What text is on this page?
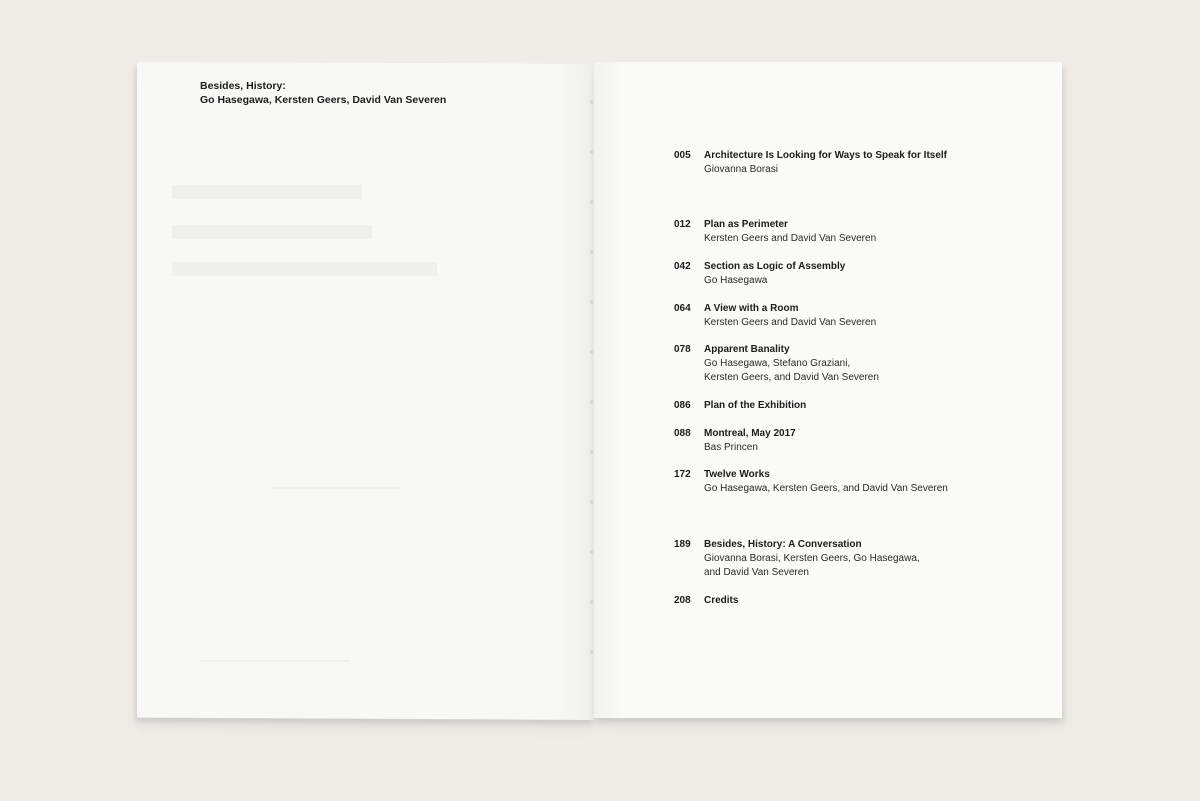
Besides, History:
Go Hasegawa, Kersten Geers, David Van Severen
005	Architecture Is Looking for Ways to Speak for Itself
Giovanna Borasi
012	Plan as Perimeter
Kersten Geers and David Van Severen
042	Section as Logic of Assembly
Go Hasegawa
064	A View with a Room
Kersten Geers and David Van Severen
078	Apparent Banality
Go Hasegawa, Stefano Graziani,
Kersten Geers, and David Van Severen
086	Plan of the Exhibition
088	Montreal, May 2017
Bas Princen
172	Twelve Works
Go Hasegawa, Kersten Geers, and David Van Severen
189	Besides, History: A Conversation
Giovanna Borasi, Kersten Geers, Go Hasegawa,
and David Van Severen
208	Credits
